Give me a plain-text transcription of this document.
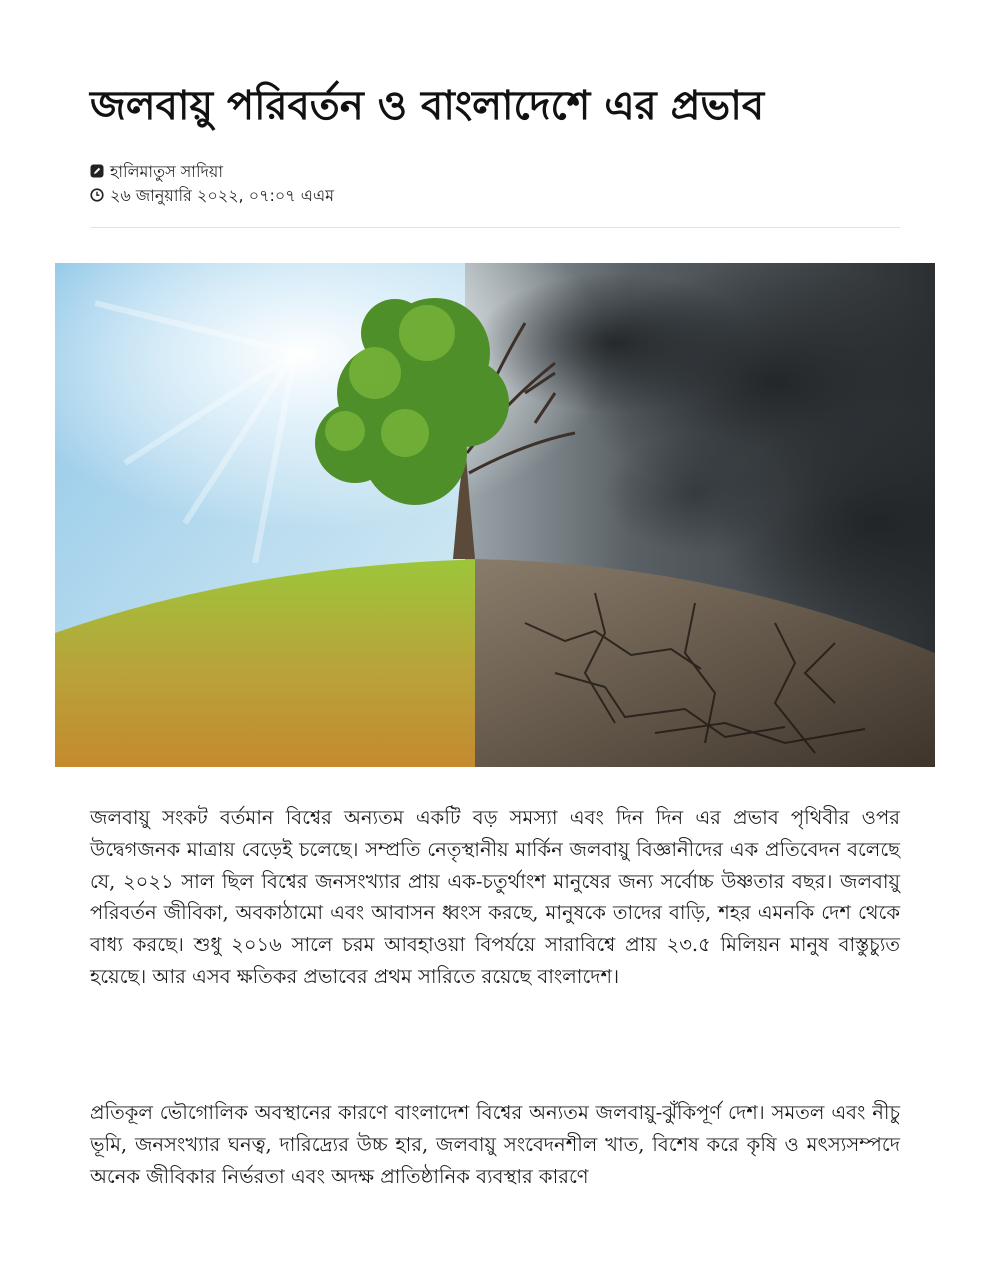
জলবায়ু পরিবর্তন ও বাংলাদেশে এর প্রভাব
হালিমাতুস সাদিয়া
২৬ জানুয়ারি ২০২২, ০৭:০৭ এএম

জলবায়ু সংকট বর্তমান বিশ্বের অন্যতম একটি বড় সমস্যা এবং দিন দিন এর প্রভাব পৃথিবীর ওপর উদ্বেগজনক মাত্রায় বেড়েই চলেছে। সম্প্রতি নেতৃস্থানীয় মার্কিন জলবায়ু বিজ্ঞানীদের এক প্রতিবেদন বলেছে যে, ২০২১ সাল ছিল বিশ্বের জনসংখ্যার প্রায় এক-চতুর্থাংশ মানুষের জন্য সর্বোচ্চ উষ্ণতার বছর। জলবায়ু পরিবর্তন জীবিকা, অবকাঠামো এবং আবাসন ধ্বংস করছে, মানুষকে তাদের বাড়ি, শহর এমনকি দেশ থেকে বাধ্য করছে। শুধু ২০১৬ সালে চরম আবহাওয়া বিপর্যয়ে সারাবিশ্বে প্রায় ২৩.৫ মিলিয়ন মানুষ বাস্তুচ্যুত হয়েছে। আর এসব ক্ষতিকর প্রভাবের প্রথম সারিতে রয়েছে বাংলাদেশ।

প্রতিকূল ভৌগোলিক অবস্থানের কারণে বাংলাদেশ বিশ্বের অন্যতম জলবায়ু-ঝুঁকিপূর্ণ দেশ। সমতল এবং নীচু ভূমি, জনসংখ্যার ঘনত্ব, দারিদ্র্যের উচ্চ হার, জলবায়ু সংবেদনশীল খাত, বিশেষ করে কৃষি ও মৎস্যসম্পদে অনেক জীবিকার নির্ভরতা এবং অদক্ষ প্রাতিষ্ঠানিক ব্যবস্থার কারণে
